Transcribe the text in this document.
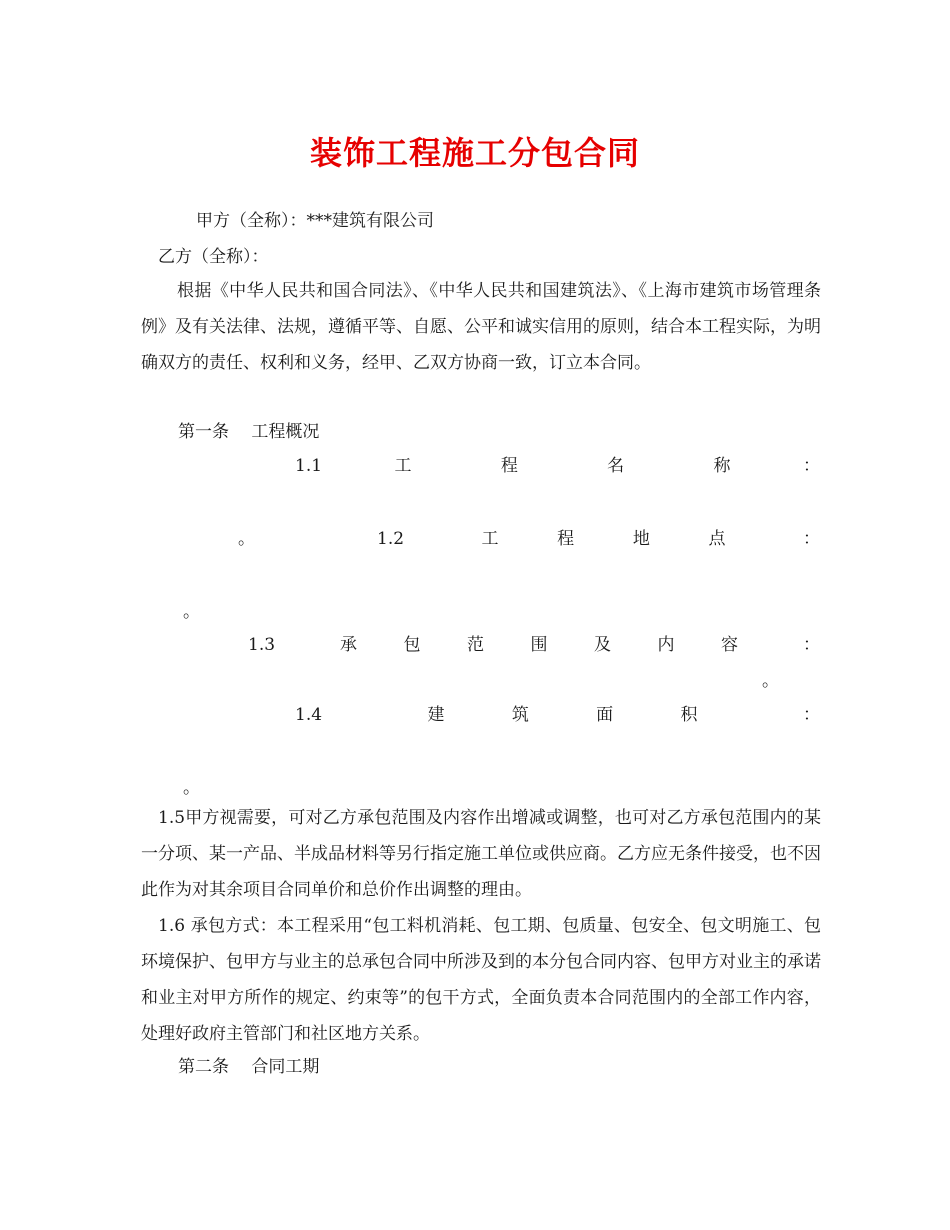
装饰工程施工分包合同
甲方（全称）：***建筑有限公司
乙方（全称）：
根据《中华人民共和国合同法》、《中华人民共和国建筑法》、《上海市建筑市场管理条例》及有关法律、法规，遵循平等、自愿、公平和诚实信用的原则，结合本工程实际，为明确双方的责任、权利和义务，经甲、乙双方协商一致，订立本合同。
第一条　 工程概况
1.1	工	程	名	称	：
。	1.2	工	程	地	点	：
。
1.3	承	包	范	围	及	内	容	：
。
1.4	建	筑	面	积	：
。
1.5甲方视需要，可对乙方承包范围及内容作出增减或调整，也可对乙方承包范围内的某一分项、某一产品、半成品材料等另行指定施工单位或供应商。乙方应无条件接受，也不因此作为对其余项目合同单价和总价作出调整的理由。
1.6 承包方式：本工程采用“包工料机消耗、包工期、包质量、包安全、包文明施工、包环境保护、包甲方与业主的总承包合同中所涉及到的本分包合同内容、包甲方对业主的承诺和业主对甲方所作的规定、约束等”的包干方式，全面负责本合同范围内的全部工作内容，处理好政府主管部门和社区地方关系。
第二条　 合同工期
